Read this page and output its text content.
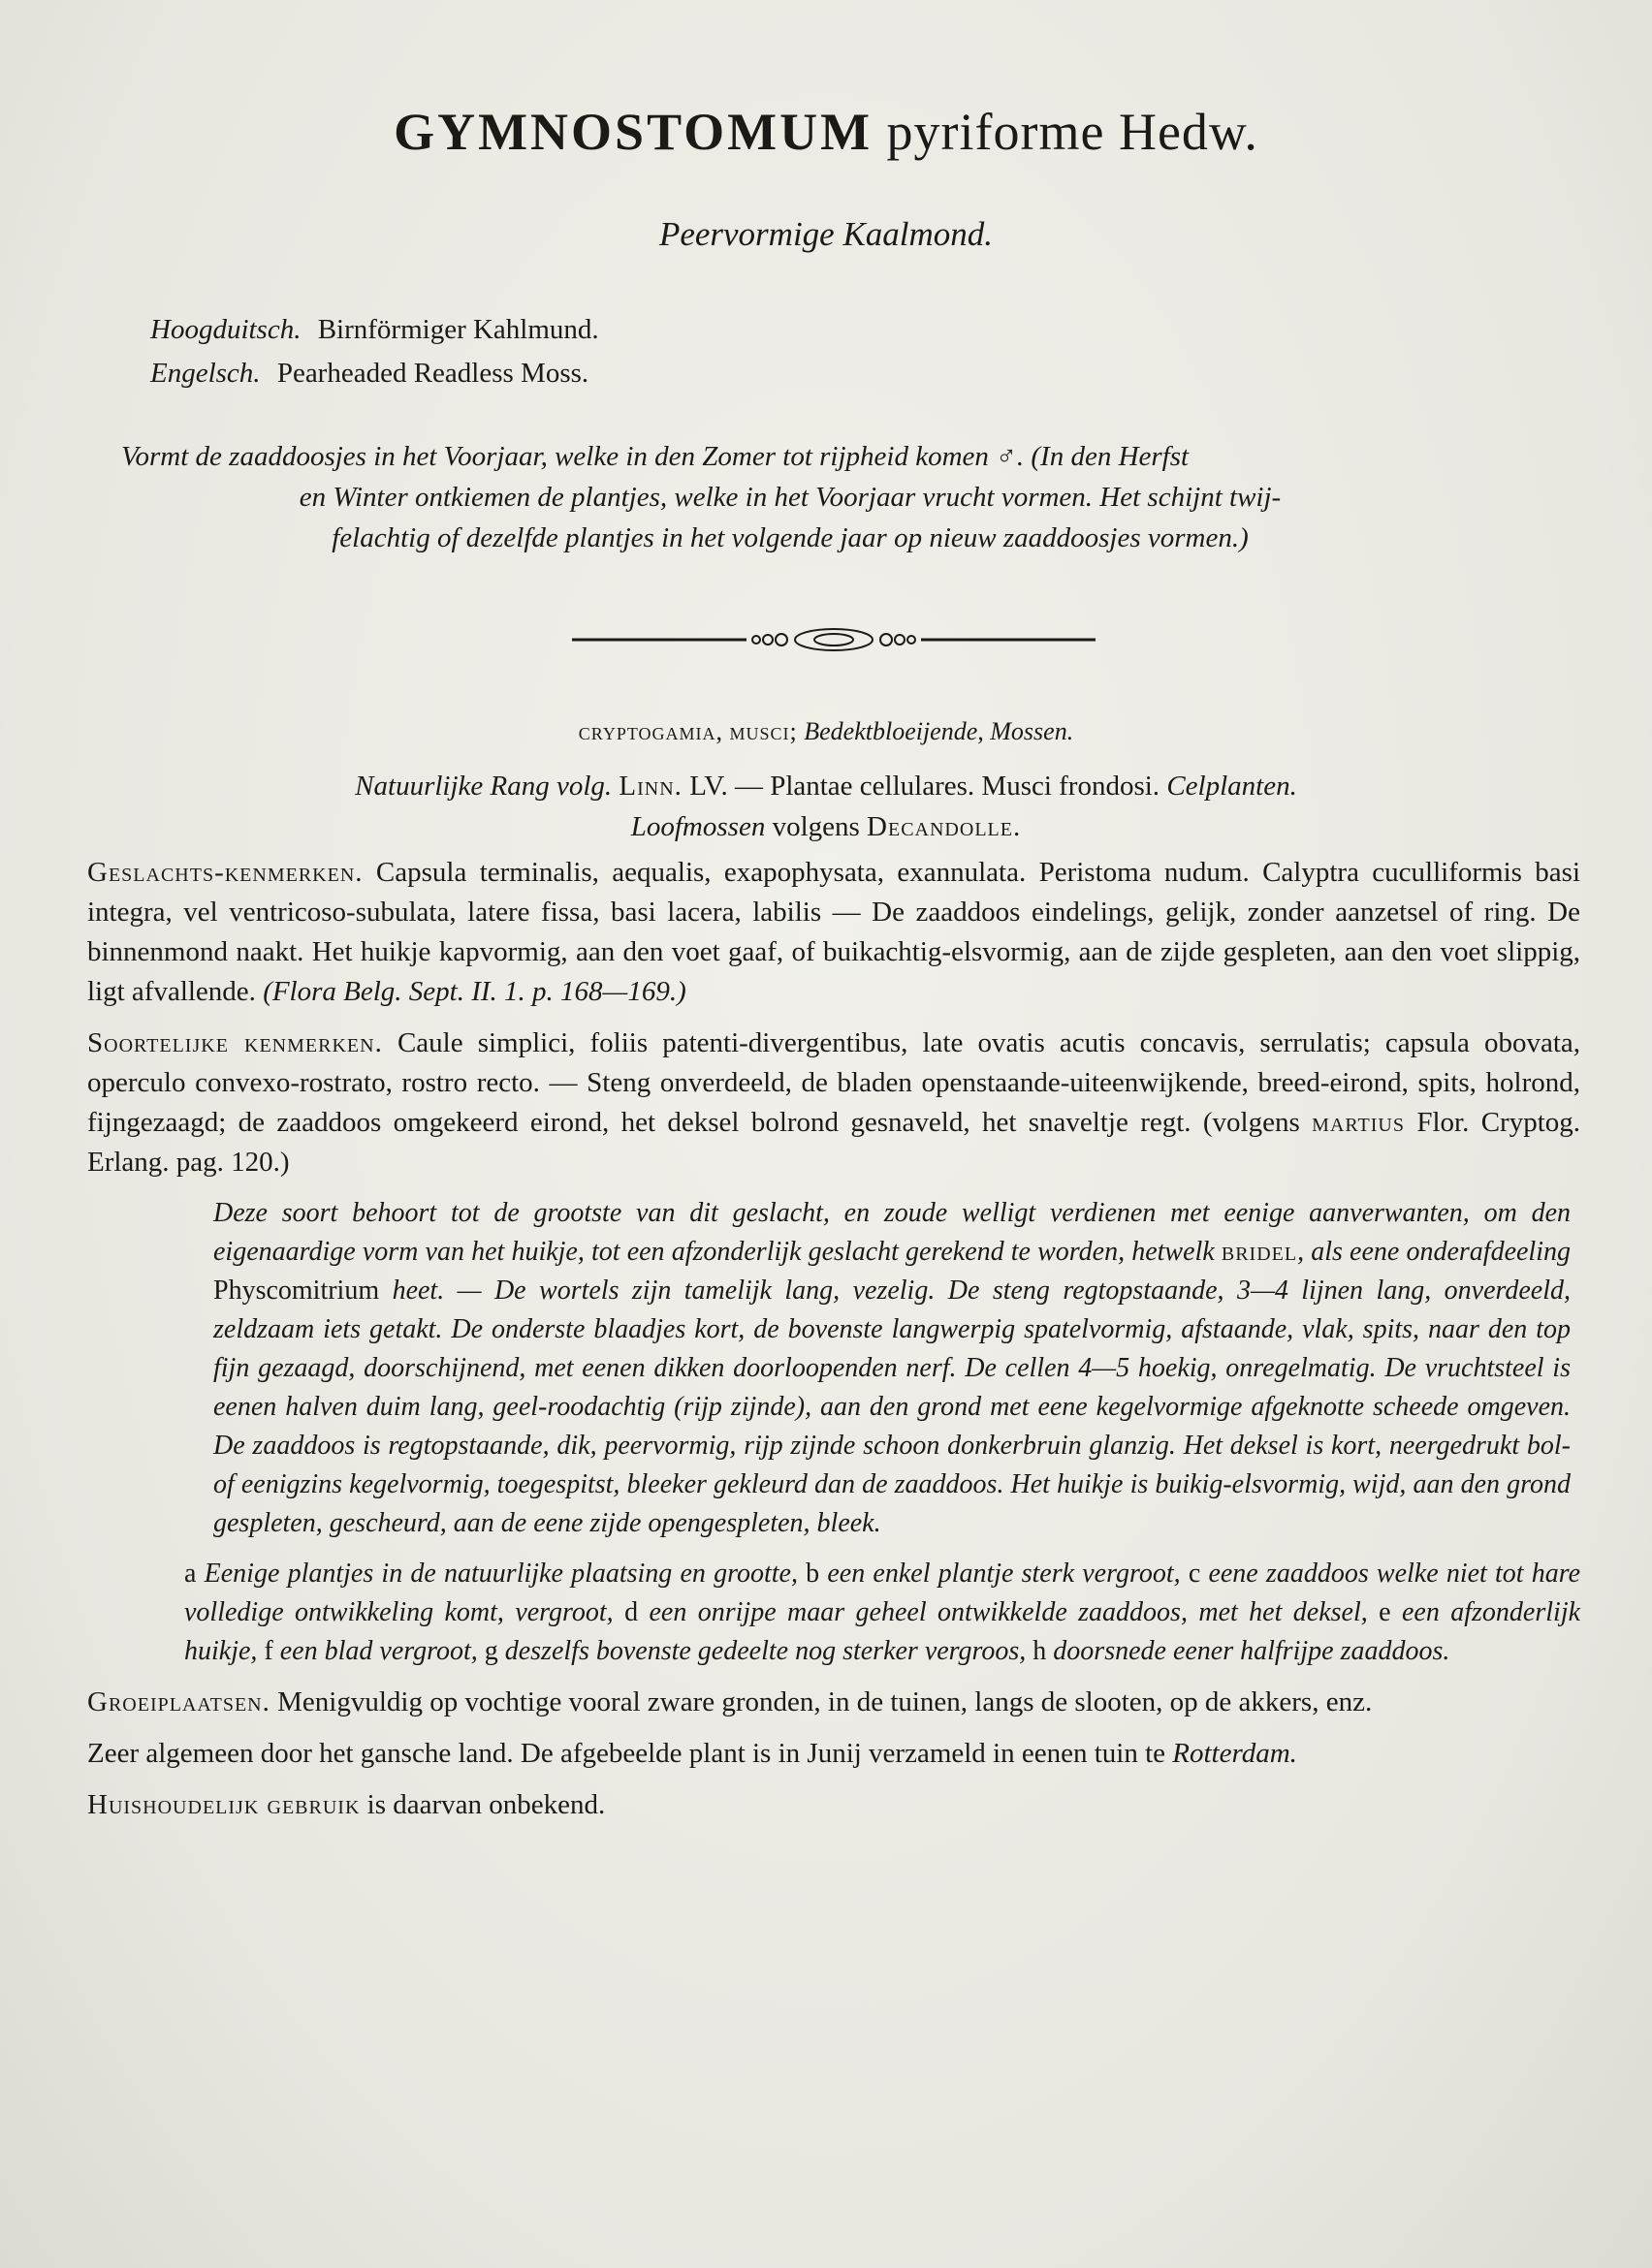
GYMNOSTOMUM pyriforme Hedw.
Peervormige Kaalmond.
Hoogduitsch. Birnförmiger Kahlmund.
Engelsch. Pearheaded Readless Moss.

Vormt de zaaddoosjes in het Voorjaar, welke in den Zomer tot rijpheid komen ♂. (In den Herfst

en Winter ontkiemen de plantjes, welke in het Voorjaar vrucht vormen. Het schijnt twij-

felachtig of dezelfde plantjes in het volgende jaar op nieuw zaaddoosjes vormen.)

cryptogamia, musci; Bedektbloeijende, Mossen.

Natuurlijke Rang volg. Linn. LV. — Plantae cellulares. Musci frondosi. Celplanten.

Loofmossen volgens Decandolle.

Geslachts-kenmerken. Capsula terminalis, aequalis, exapophysata, exannulata. Peristoma nudum. Calyptra cuculliformis basi integra, vel ventricoso-subulata, latere fissa, basi lacera, labilis — De zaaddoos eindelings, gelijk, zonder aanzetsel of ring. De binnenmond naakt. Het huikje kapvormig, aan den voet gaaf, of buikachtig-elsvormig, aan de zijde gespleten, aan den voet slippig, ligt afvallende. (Flora Belg. Sept. II. 1. p. 168—169.)

Soortelijke kenmerken. Caule simplici, foliis patenti-divergentibus, late ovatis acutis concavis, serrulatis; capsula obovata, operculo convexo-rostrato, rostro recto. — Steng onverdeeld, de bladen openstaande-uiteenwijkende, breed-eirond, spits, holrond, fijngezaagd; de zaaddoos omgekeerd eirond, het deksel bolrond gesnaveld, het snaveltje regt. (volgens martius Flor. Cryptog. Erlang. pag. 120.)

Deze soort behoort tot de grootste van dit geslacht, en zoude welligt verdienen met eenige aanverwanten, om den eigenaardige vorm van het huikje, tot een afzonderlijk geslacht gerekend te worden, hetwelk bridel, als eene onderafdeeling Physcomitrium heet. — De wortels zijn tamelijk lang, vezelig. De steng regtopstaande, 3—4 lijnen lang, onverdeeld, zeldzaam iets getakt. De onderste blaadjes kort, de bovenste langwerpig spatelvormig, afstaande, vlak, spits, naar den top fijn gezaagd, doorschijnend, met eenen dikken doorloopenden nerf. De cellen 4—5 hoekig, onregelmatig. De vruchtsteel is eenen halven duim lang, geel-roodachtig (rijp zijnde), aan den grond met eene kegelvormige afgeknotte scheede omgeven. De zaaddoos is regtopstaande, dik, peervormig, rijp zijnde schoon donkerbruin glanzig. Het deksel is kort, neergedrukt bol- of eenigzins kegelvormig, toegespitst, bleeker gekleurd dan de zaaddoos. Het huikje is buikig-elsvormig, wijd, aan den grond gespleten, gescheurd, aan de eene zijde opengespleten, bleek.

a Eenige plantjes in de natuurlijke plaatsing en grootte, b een enkel plantje sterk vergroot, c eene zaaddoos welke niet tot hare volledige ontwikkeling komt, vergroot, d een onrijpe maar geheel ontwikkelde zaaddoos, met het deksel, e een afzonderlijk huikje, f een blad vergroot, g deszelfs bovenste gedeelte nog sterker vergroos, h doorsnede eener halfrijpe zaaddoos.

Groeiplaatsen. Menigvuldig op vochtige vooral zware gronden, in de tuinen, langs de slooten, op de akkers, enz.

Zeer algemeen door het gansche land. De afgebeelde plant is in Junij verzameld in eenen tuin te Rotterdam.

Huishoudelijk gebruik is daarvan onbekend.
